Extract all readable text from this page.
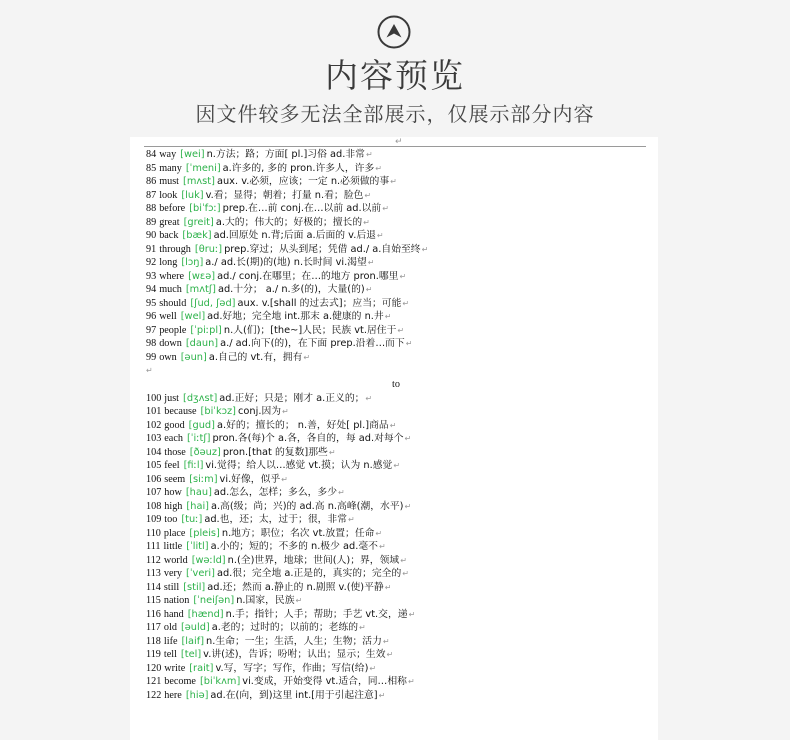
内容预览
因文件较多无法全部展示，仅展示部分内容
↵
84 way [wei] n.方法；路；方面[ pl.]习俗 ad.非常↵
85 many [ˈmeni] a.许多的, 多的 pron.许多人，许多↵
86 must [mʌst] aux. v.必须，应该；一定 n.必须做的事↵
87 look [luk] v.看；显得；朝着；打量 n.看；脸色↵
88 before [biˈfɔː] prep.在…前 conj.在…以前 ad.以前↵
89 great [greit] a.大的；伟大的；好极的；擅长的↵
90 back [bæk] ad.回原处 n.背;后面 a.后面的 v.后退↵
91 through [θruː] prep.穿过；从头到尾；凭借 ad./ a.自始至终↵
92 long [lɔŋ] a./ ad.长(期)的(地) n.长时间 vi.渴望↵
93 where [wɛə] ad./ conj.在哪里；在…的地方 pron.哪里↵
94 much [mʌtʃ] ad.十分； a./ n.多(的)，大量(的)↵
95 should [ʃud, ʃəd] aux. v.[shall 的过去式]；应当；可能↵
96 well [wel] ad.好地；完全地 int.那末 a.健康的 n.井↵
97 people [ˈpiːpl] n.人(们)；[the~]人民；民族 vt.居住于↵
98 down [daun] a./ ad.向下(的)，在下面 prep.沿着…而下↵
99 own [əun] a.自己的 vt.有，拥有↵
↵
to
100 just [dʒʌst] ad.正好；只是；刚才 a.正义的；↵
101 because [biˈkɔz] conj.因为↵
102 good [gud] a.好的；擅长的； n.善，好处[ pl.]商品↵
103 each [ˈiːtʃ] pron.各(每)个 a.各，各自的，每 ad.对每个↵
104 those [ðəuz] pron.[that 的复数]那些↵
105 feel [fiːl] vi.觉得；给人以…感觉 vt.摸；认为 n.感觉↵
106 seem [siːm] vi.好像，似乎↵
107 how [hau] ad.怎么，怎样；多么，多少↵
108 high [hai] a.高(级；尚；兴)的 ad.高 n.高峰(潮，水平)↵
109 too [tuː] ad.也，还；太，过于；很，非常↵
110 place [pleis] n.地方；职位；名次 vt.放置；任命↵
111 little [ˈlitl] a.小的；短的；不多的 n.极少 ad.毫不↵
112 world [wəːld] n.(全)世界，地球；世间(人)；界，领域↵
113 very [ˈveri] ad.很；完全地 a.正是的，真实的；完全的↵
114 still [stil] ad.还；然而 a.静止的 n.剧照 v.(使)平静↵
115 nation [ˈneiʃən] n.国家，民族↵
116 hand [hænd] n.手；指针；人手；帮助；手艺 vt.交，递↵
117 old [əuld] a.老的；过时的；以前的；老练的↵
118 life [laif] n.生命；一生；生活，人生；生物；活力↵
119 tell [tel] v.讲(述)，告诉；吩咐；认出；显示；生效↵
120 write [rait] v.写，写字；写作，作曲；写信(给)↵
121 become [biˈkʌm] vi.变成，开始变得 vt.适合，同…相称↵
122 here [hiə] ad.在(向，到)这里 int.[用于引起注意]↵
